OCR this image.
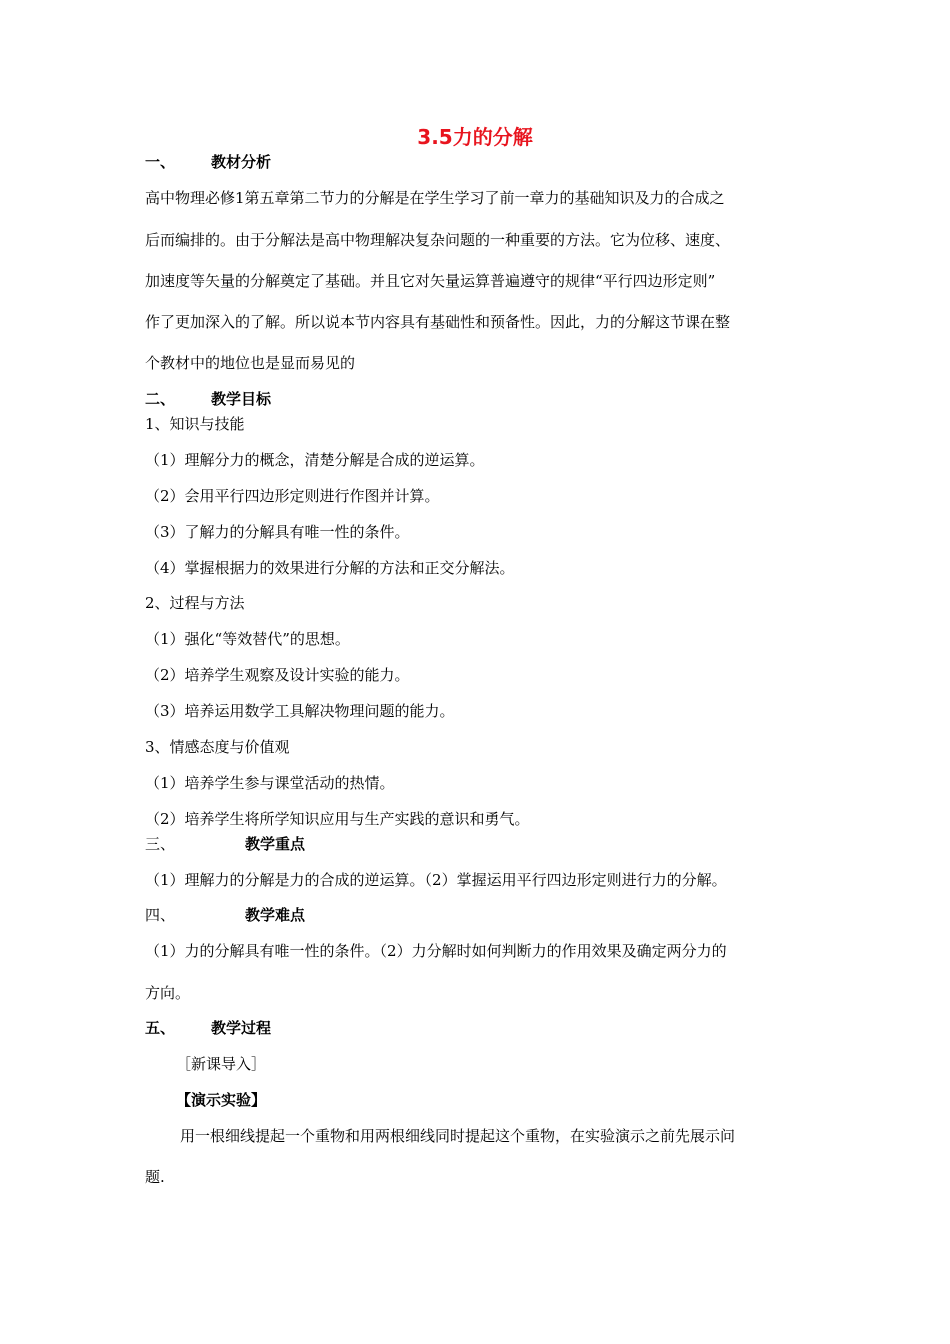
3.5力的分解
一、 教材分析
高中物理必修1第五章第二节力的分解是在学生学习了前一章力的基础知识及力的合成之
后而编排的。由于分解法是高中物理解决复杂问题的一种重要的方法。它为位移、速度、
加速度等矢量的分解奠定了基础。并且它对矢量运算普遍遵守的规律“平行四边形定则”
作了更加深入的了解。所以说本节内容具有基础性和预备性。因此，力的分解这节课在整
个教材中的地位也是显而易见的
二、 教学目标
1、知识与技能
（1）理解分力的概念，清楚分解是合成的逆运算。
（2）会用平行四边形定则进行作图并计算。
（3）了解力的分解具有唯一性的条件。
（4）掌握根据力的效果进行分解的方法和正交分解法。
2、过程与方法
（1）强化“等效替代”的思想。
（2）培养学生观察及设计实验的能力。
（3）培养运用数学工具解决物理问题的能力。
3、情感态度与价值观
（1）培养学生参与课堂活动的热情。
（2）培养学生将所学知识应用与生产实践的意识和勇气。
三、	教学重点
（1）理解力的分解是力的合成的逆运算。（2）掌握运用平行四边形定则进行力的分解。
四、	教学难点
（1）力的分解具有唯一性的条件。（2）力分解时如何判断力的作用效果及确定两分力的
方向。
五、 教学过程
［新课导入］
【演示实验】
用一根细线提起一个重物和用两根细线同时提起这个重物，在实验演示之前先展示问
题.
